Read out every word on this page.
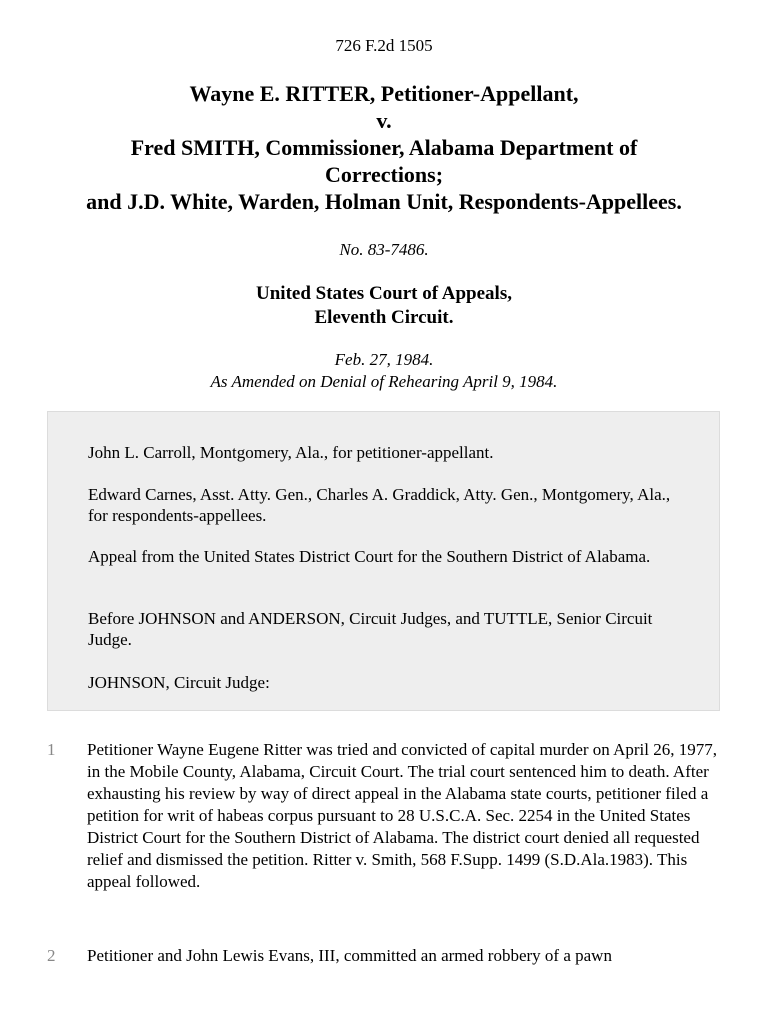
726 F.2d 1505
Wayne E. RITTER, Petitioner-Appellant,
v.
Fred SMITH, Commissioner, Alabama Department of
Corrections;
and J.D. White, Warden, Holman Unit, Respondents-Appellees.
No. 83-7486.
United States Court of Appeals,
Eleventh Circuit.
Feb. 27, 1984.
As Amended on Denial of Rehearing April 9, 1984.

John L. Carroll, Montgomery, Ala., for petitioner-appellant.

Edward Carnes, Asst. Atty. Gen., Charles A. Graddick, Atty. Gen., Montgomery, Ala., for respondents-appellees.

Appeal from the United States District Court for the Southern District of Alabama.

Before JOHNSON and ANDERSON, Circuit Judges, and TUTTLE, Senior Circuit Judge.

JOHNSON, Circuit Judge:

1 Petitioner Wayne Eugene Ritter was tried and convicted of capital murder on April 26, 1977, in the Mobile County, Alabama, Circuit Court. The trial court sentenced him to death. After exhausting his review by way of direct appeal in the Alabama state courts, petitioner filed a petition for writ of habeas corpus pursuant to 28 U.S.C.A. Sec. 2254 in the United States District Court for the Southern District of Alabama. The district court denied all requested relief and dismissed the petition. Ritter v. Smith, 568 F.Supp. 1499 (S.D.Ala.1983). This appeal followed.

2 Petitioner and John Lewis Evans, III, committed an armed robbery of a pawn
